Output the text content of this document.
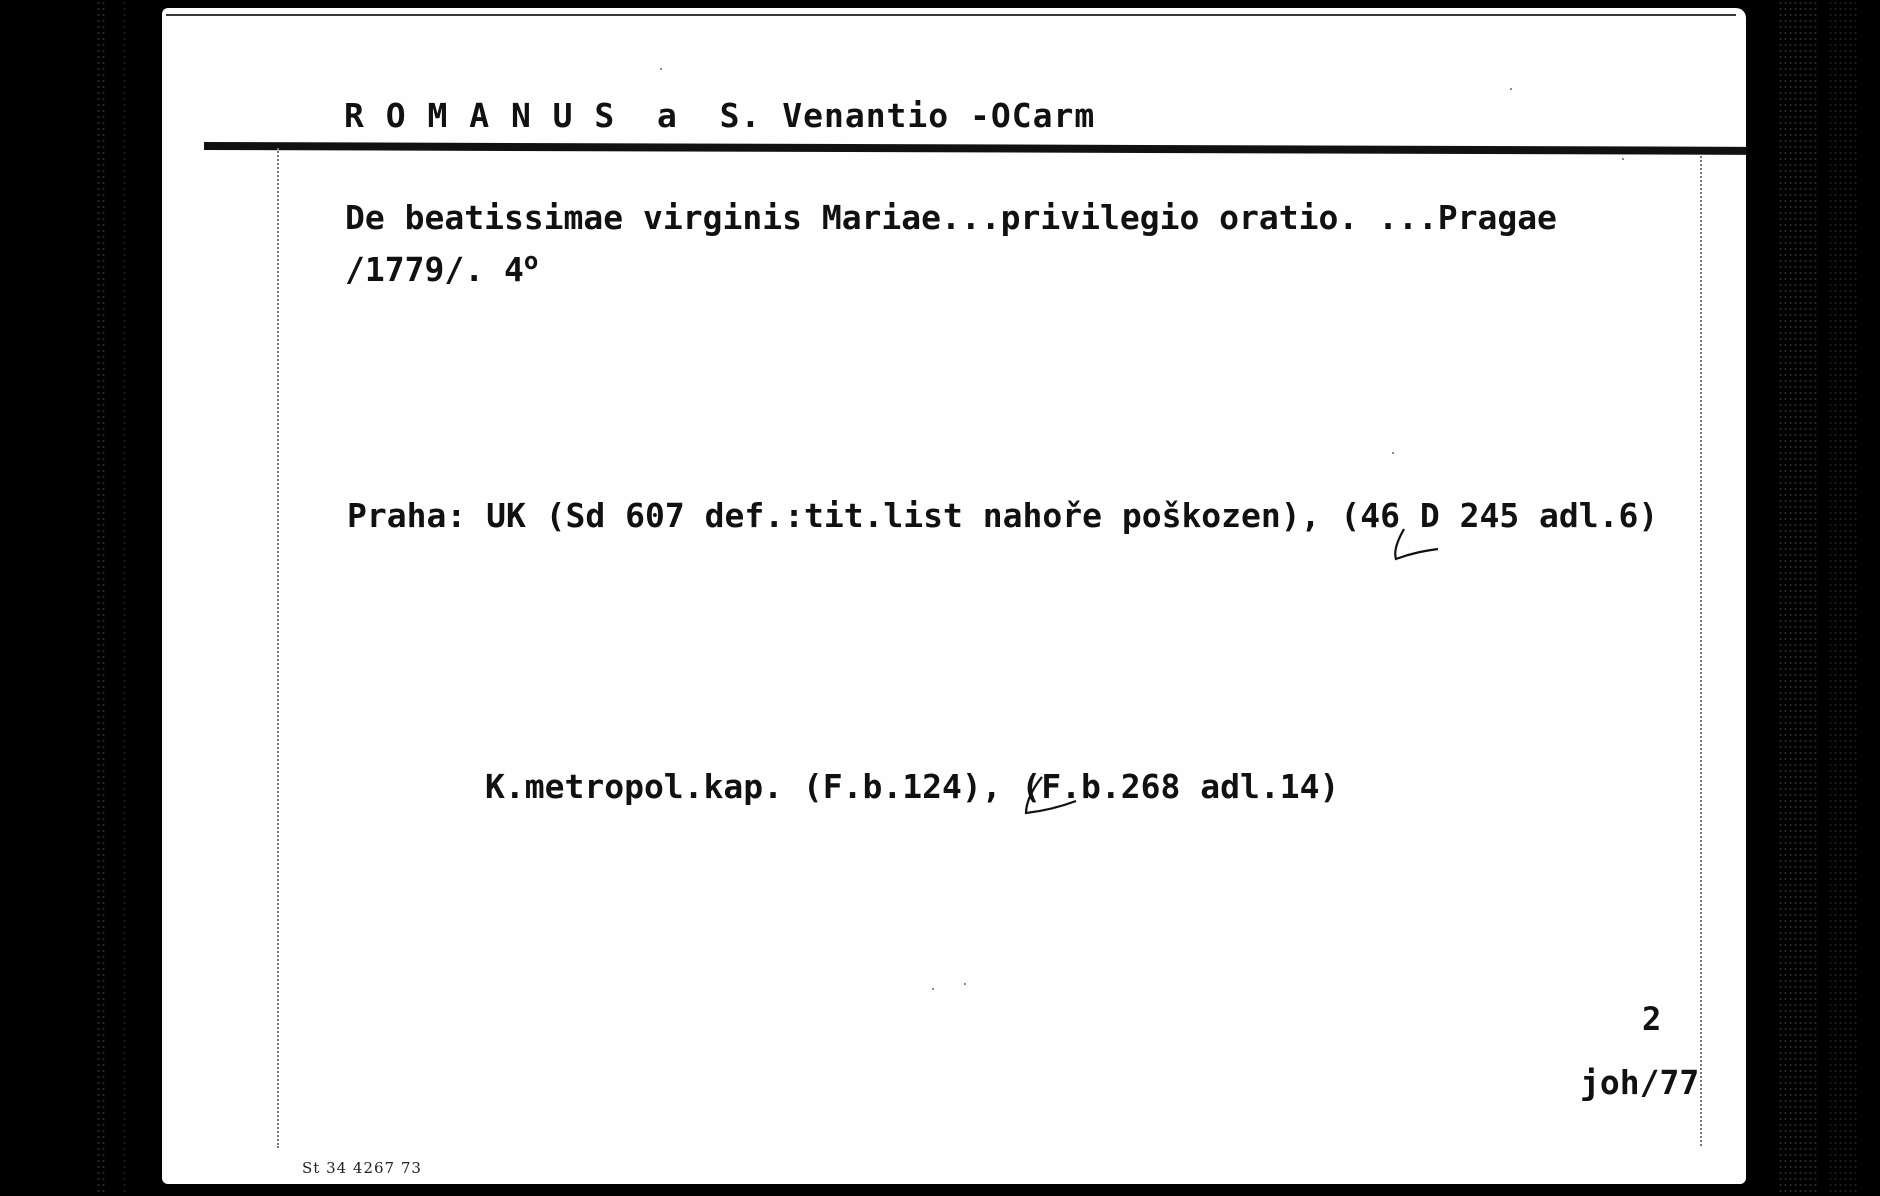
R O M A N U S  a  S. Venantio -OCarm
De beatissimae virginis Mariae...privilegio oratio. ...Pragae
/1779/. 4$^o$
Praha: UK (Sd 607 def.:tit.list nahoře poškozen), (46 D 245 adl.6)
K.metropol.kap. (F.b.124), (F.b.268 adl.14)
2
joh/77
St 34 4267 73
